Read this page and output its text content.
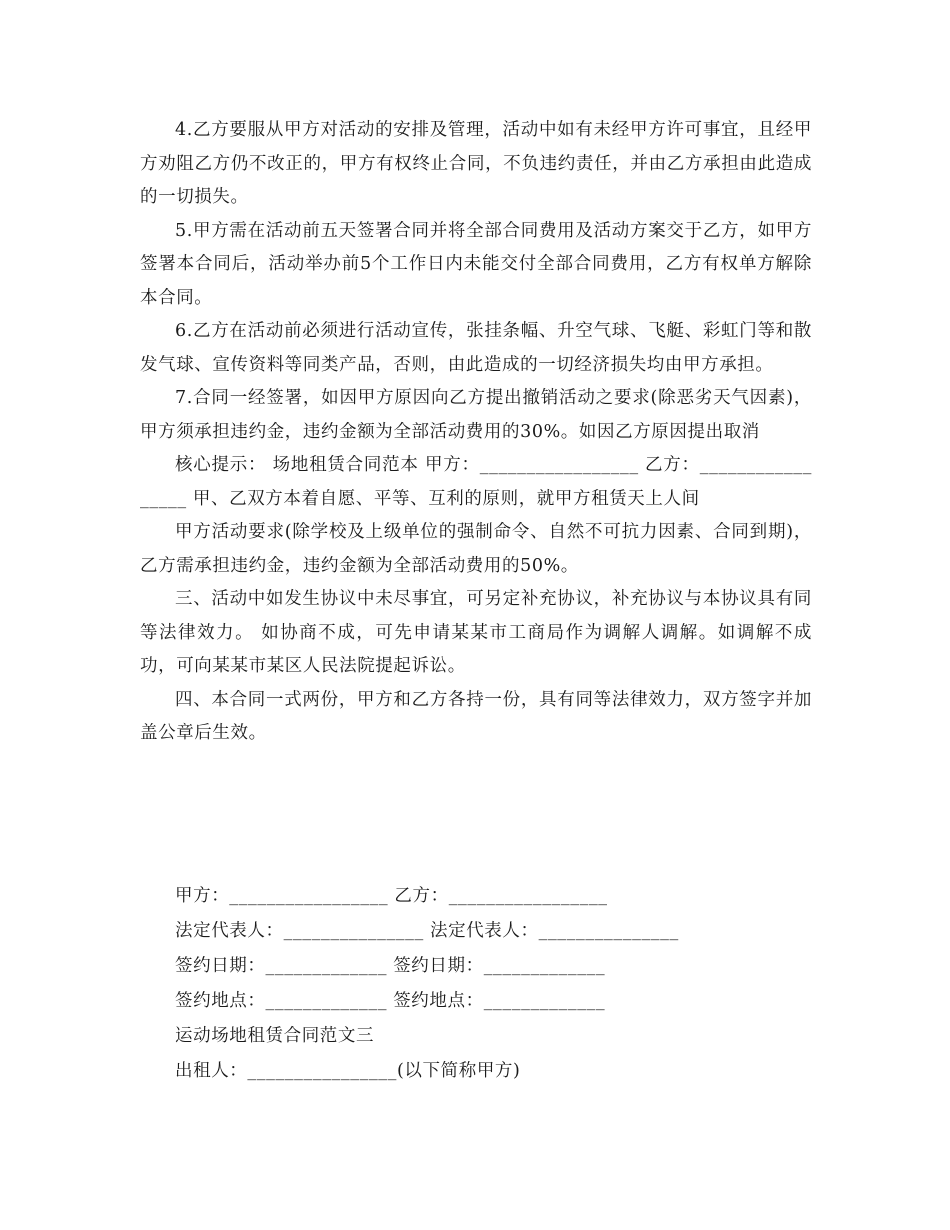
4.乙方要服从甲方对活动的安排及管理，活动中如有未经甲方许可事宜，且经甲方劝阻乙方仍不改正的，甲方有权终止合同，不负违约责任，并由乙方承担由此造成的一切损失。

5.甲方需在活动前五天签署合同并将全部合同费用及活动方案交于乙方，如甲方签署本合同后，活动举办前5个工作日内未能交付全部合同费用，乙方有权单方解除本合同。

6.乙方在活动前必须进行活动宣传，张挂条幅、升空气球、飞艇、彩虹门等和散发气球、宣传资料等同类产品，否则，由此造成的一切经济损失均由甲方承担。

7.合同一经签署，如因甲方原因向乙方提出撤销活动之要求(除恶劣天气因素)，甲方须承担违约金，违约金额为全部活动费用的30%。如因乙方原因提出取消

核心提示： 场地租赁合同范本 甲方：_________________ 乙方：_________________ 甲、乙双方本着自愿、平等、互利的原则，就甲方租赁天上人间

甲方活动要求(除学校及上级单位的强制命令、自然不可抗力因素、合同到期)，乙方需承担违约金，违约金额为全部活动费用的50%。

三、活动中如发生协议中未尽事宜，可另定补充协议，补充协议与本协议具有同等法律效力。 如协商不成，可先申请某某市工商局作为调解人调解。如调解不成功，可向某某市某区人民法院提起诉讼。

四、本合同一式两份，甲方和乙方各持一份，具有同等法律效力，双方签字并加盖公章后生效。

甲方：_________________ 乙方：_________________

法定代表人：_______________ 法定代表人：_______________

签约日期：_____________ 签约日期：_____________

签约地点：_____________ 签约地点：_____________

运动场地租赁合同范文三

出租人：________________(以下简称甲方)
